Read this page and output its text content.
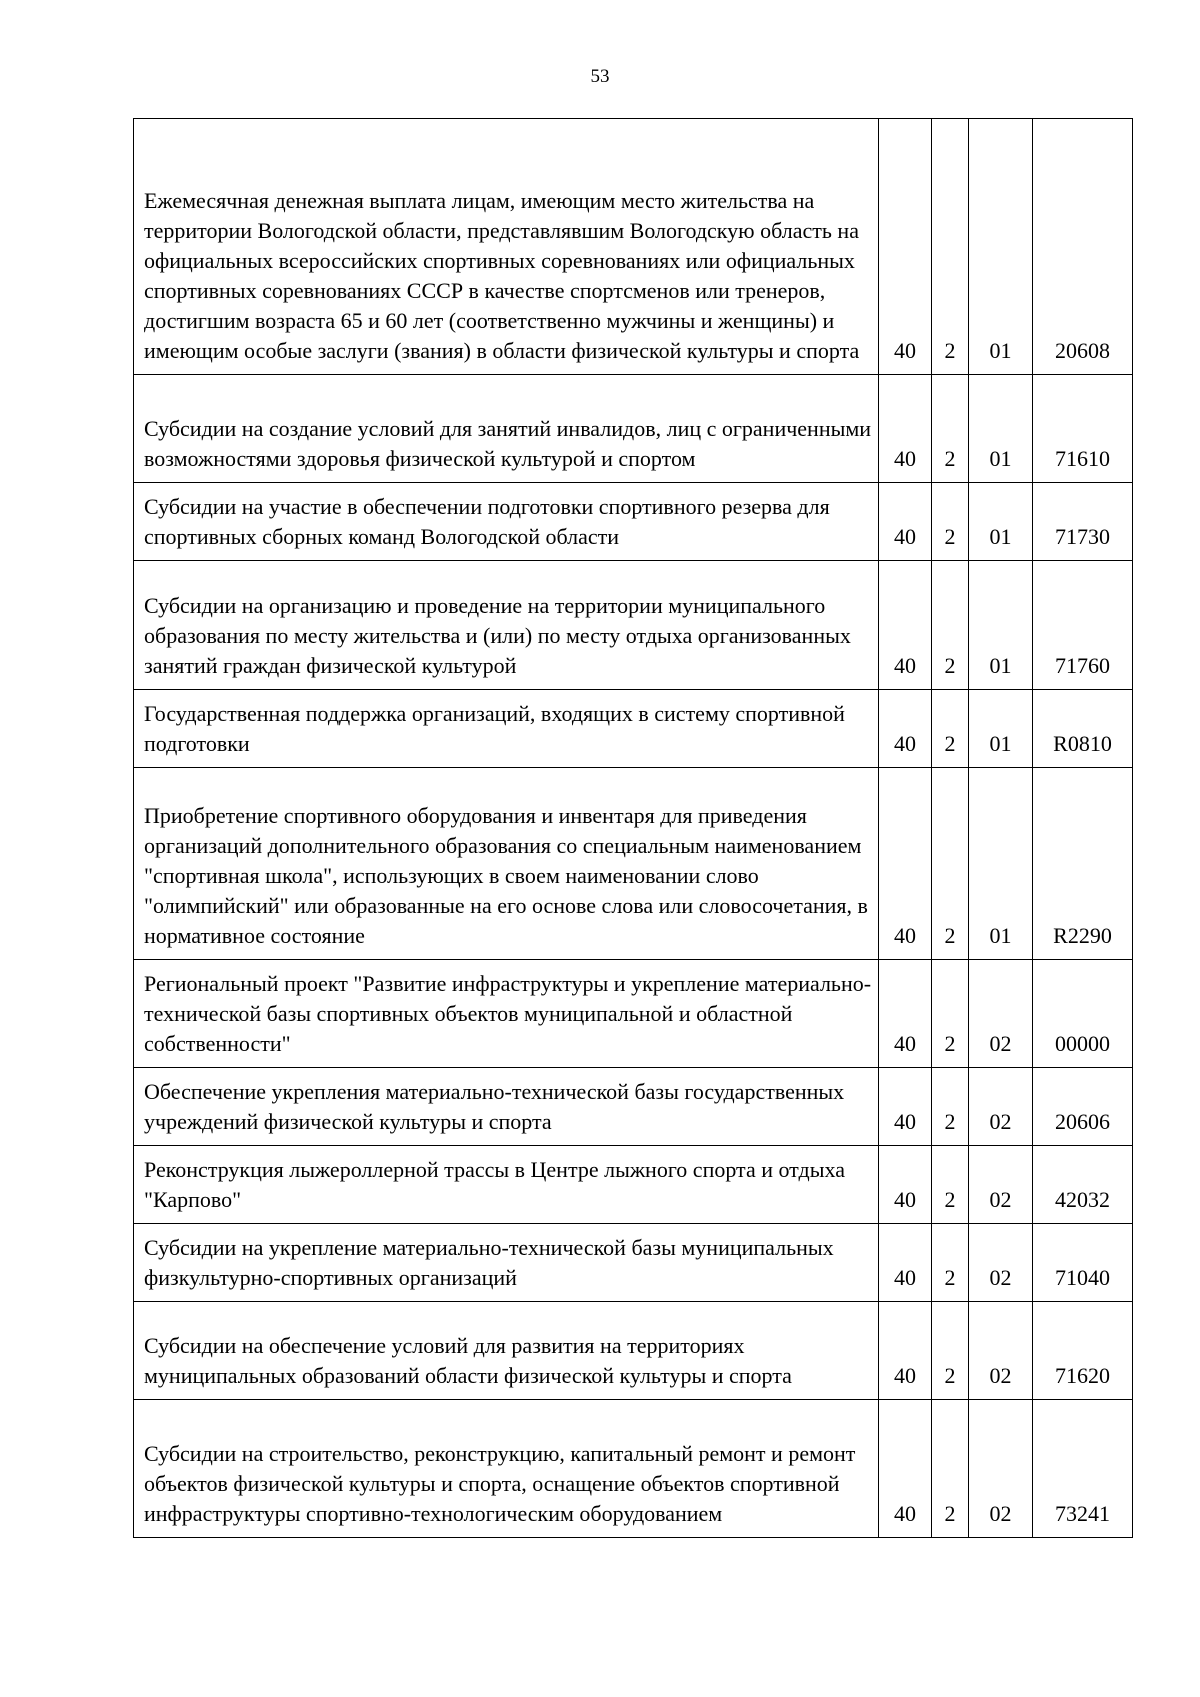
53
Ежемесячная денежная выплата лицам, имеющим место жительства на территории Вологодской области, представлявшим Вологодскую область на официальных всероссийских спортивных соревнованиях или официальных спортивных соревнованиях СССР в качестве спортсменов или тренеров, достигшим возраста 65 и 60 лет (соответственно мужчины и женщины) и имеющим особые заслуги (звания) в области физической культуры и спорта	40	2	01	20608
Субсидии на создание условий для занятий инвалидов, лиц с ограниченными возможностями здоровья физической культурой и спортом	40	2	01	71610
Субсидии на участие в обеспечении подготовки спортивного резерва для спортивных сборных команд Вологодской области	40	2	01	71730
Субсидии на организацию и проведение на территории муниципального образования по месту жительства и (или) по месту отдыха организованных занятий граждан физической культурой	40	2	01	71760
Государственная поддержка организаций, входящих в систему спортивной подготовки	40	2	01	R0810
Приобретение спортивного оборудования и инвентаря для приведения организаций дополнительного образования со специальным наименованием "спортивная школа", использующих в своем наименовании слово "олимпийский" или образованные на его основе слова или словосочетания, в нормативное состояние	40	2	01	R2290
Региональный проект "Развитие инфраструктуры и укрепление материально-технической базы спортивных объектов муниципальной и областной собственности"	40	2	02	00000
Обеспечение укрепления материально-технической базы государственных учреждений физической культуры и спорта	40	2	02	20606
Реконструкция лыжероллерной трассы в Центре лыжного спорта и отдыха "Карпово"	40	2	02	42032
Субсидии на укрепление материально-технической базы муниципальных физкультурно-спортивных организаций	40	2	02	71040
Субсидии на обеспечение условий для развития на территориях муниципальных образований области физической культуры и спорта	40	2	02	71620
Субсидии на строительство, реконструкцию, капитальный ремонт и ремонт объектов физической культуры и спорта, оснащение объектов спортивной инфраструктуры спортивно-технологическим оборудованием	40	2	02	73241
